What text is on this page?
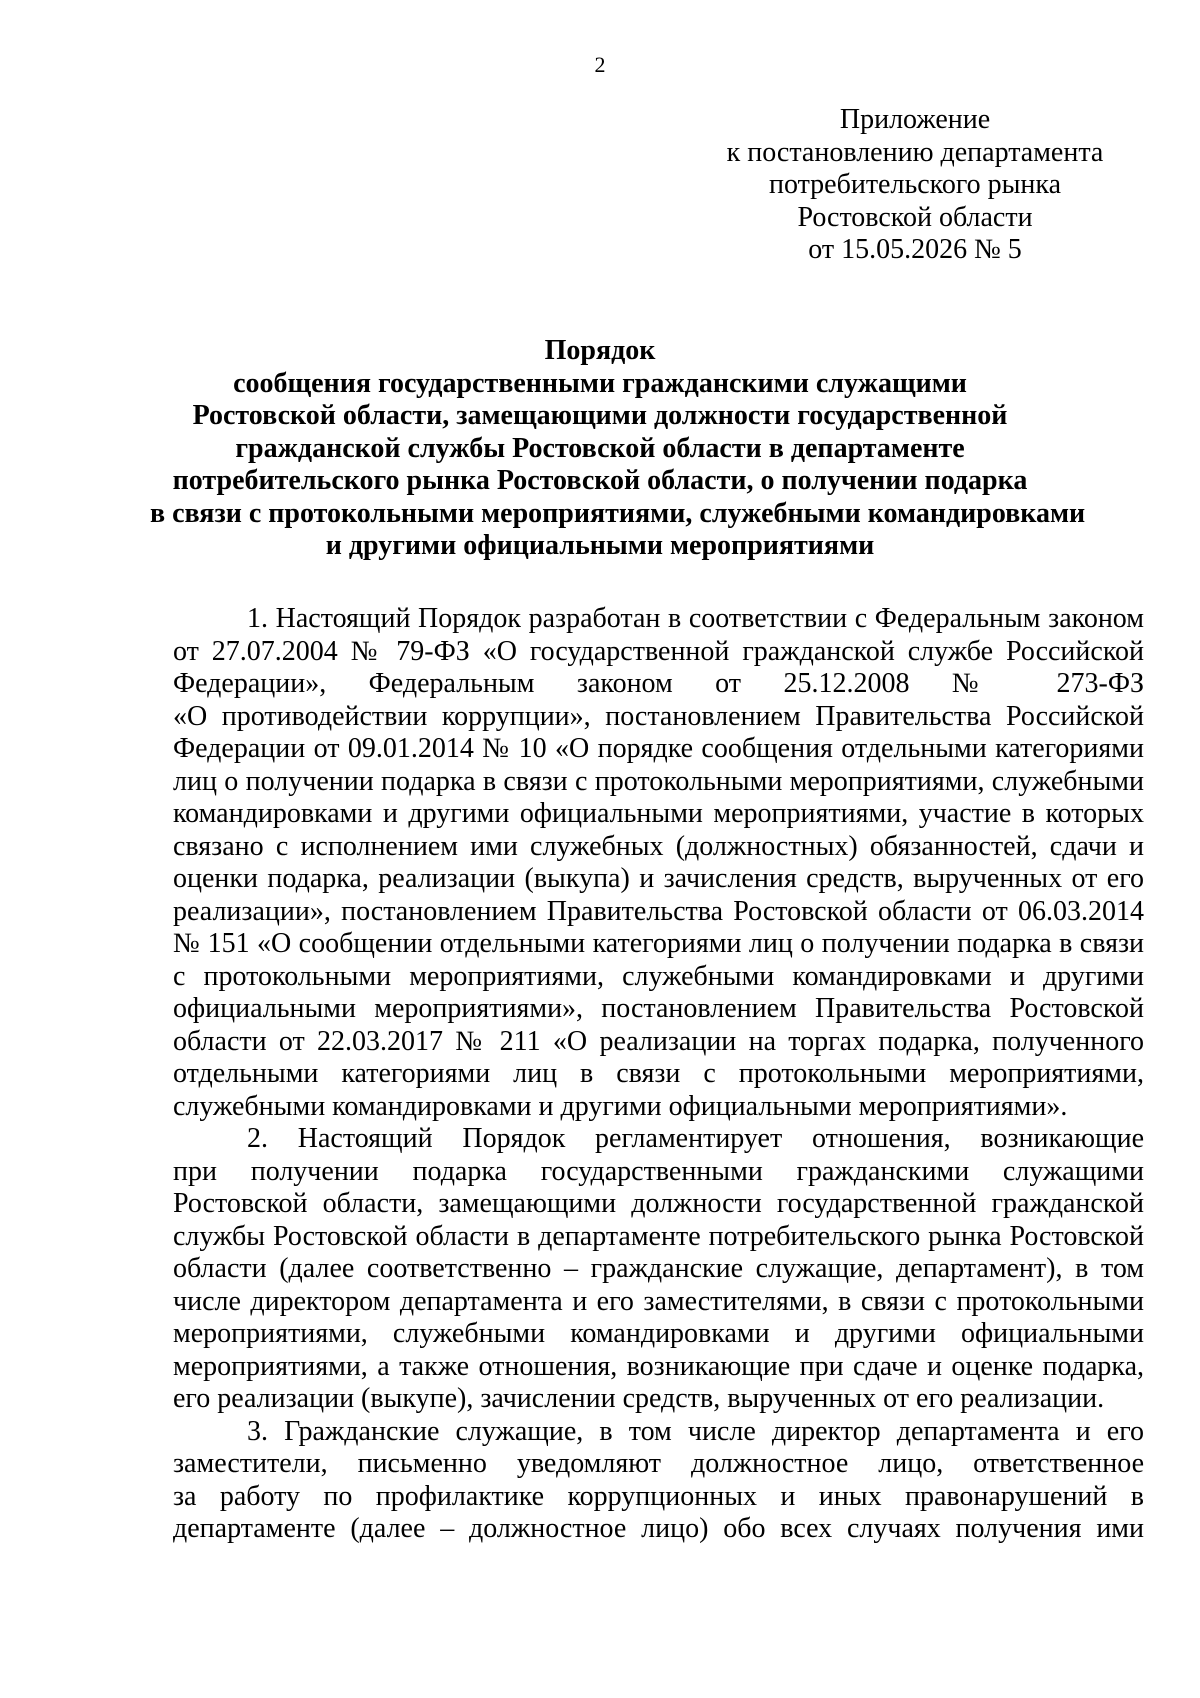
2
Приложение
к постановлению департамента
потребительского рынка
Ростовской области
от 15.05.2026 № 5
Порядок
сообщения государственными гражданскими служащими
Ростовской области, замещающими должности государственной
гражданской службы Ростовской области в департаменте
потребительского рынка Ростовской области, о получении подарка
в связи с протокольными мероприятиями, служебными командировками
и другими официальными мероприятиями
1. Настоящий Порядок разработан в соответствии с Федеральным законом
от 27.07.2004 № 79-ФЗ «О государственной гражданской службе Российской
Федерации», Федеральным законом от 25.12.2008 № 273-ФЗ
«О противодействии коррупции», постановлением Правительства Российской
Федерации от 09.01.2014 № 10 «О порядке сообщения отдельными категориями
лиц о получении подарка в связи с протокольными мероприятиями, служебными
командировками и другими официальными мероприятиями, участие в которых
связано с исполнением ими служебных (должностных) обязанностей, сдачи и
оценки подарка, реализации (выкупа) и зачисления средств, вырученных от его
реализации», постановлением Правительства Ростовской области от 06.03.2014
№ 151 «О сообщении отдельными категориями лиц о получении подарка в связи
с протокольными мероприятиями, служебными командировками и другими
официальными мероприятиями», постановлением Правительства Ростовской
области от 22.03.2017 № 211 «О реализации на торгах подарка, полученного
отдельными категориями лиц в связи с протокольными мероприятиями,
служебными командировками и другими официальными мероприятиями».
2. Настоящий Порядок регламентирует отношения, возникающие
при получении подарка государственными гражданскими служащими
Ростовской области, замещающими должности государственной гражданской
службы Ростовской области в департаменте потребительского рынка Ростовской
области (далее соответственно – гражданские служащие, департамент), в том
числе директором департамента и его заместителями, в связи с протокольными
мероприятиями, служебными командировками и другими официальными
мероприятиями, а также отношения, возникающие при сдаче и оценке подарка,
его реализации (выкупе), зачислении средств, вырученных от его реализации.
3. Гражданские служащие, в том числе директор департамента и его
заместители, письменно уведомляют должностное лицо, ответственное
за работу по профилактике коррупционных и иных правонарушений в
департаменте (далее – должностное лицо) обо всех случаях получения ими
